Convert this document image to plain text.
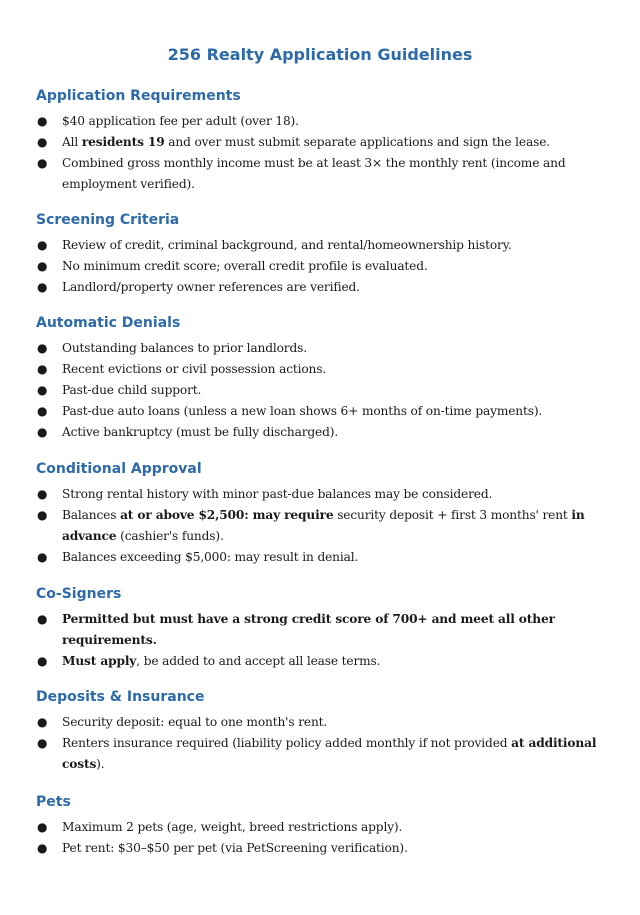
256 Realty Application Guidelines
Application Requirements
● $40 application fee per adult (over 18).
● All residents 19 and over must submit separate applications and sign the lease.
● Combined gross monthly income must be at least 3× the monthly rent (income and employment verified).
Screening Criteria
● Review of credit, criminal background, and rental/homeownership history.
● No minimum credit score; overall credit profile is evaluated.
● Landlord/property owner references are verified.
Automatic Denials
● Outstanding balances to prior landlords.
● Recent evictions or civil possession actions.
● Past-due child support.
● Past-due auto loans (unless a new loan shows 6+ months of on-time payments).
● Active bankruptcy (must be fully discharged).
Conditional Approval
● Strong rental history with minor past-due balances may be considered.
● Balances at or above $2,500: may require security deposit + first 3 months' rent in advance (cashier's funds).
● Balances exceeding $5,000: may result in denial.
Co-Signers
● Permitted but must have a strong credit score of 700+ and meet all other requirements.
● Must apply, be added to and accept all lease terms.
Deposits & Insurance
● Security deposit: equal to one month's rent.
● Renters insurance required (liability policy added monthly if not provided at additional costs).
Pets
● Maximum 2 pets (age, weight, breed restrictions apply).
● Pet rent: $30–$50 per pet (via PetScreening verification).
